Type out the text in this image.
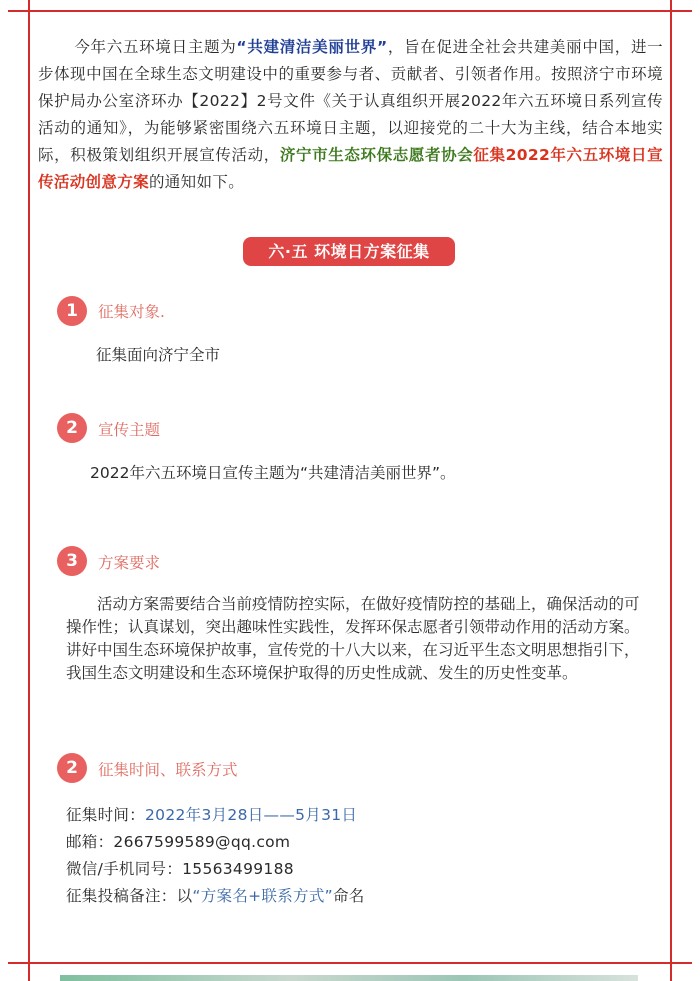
今年六五环境日主题为“共建清洁美丽世界”，旨在促进全社会共建美丽中国，进一步体现中国在全球生态文明建设中的重要参与者、贡献者、引领者作用。按照济宁市环境保护局办公室济环办【2022】2号文件《关于认真组织开展2022年六五环境日系列宣传活动的通知》，为能够紧密围绕六五环境日主题，以迎接党的二十大为主线，结合本地实际，积极策划组织开展宣传活动，济宁市生态环保志愿者协会征集2022年六五环境日宣传活动创意方案的通知如下。
六·五 环境日方案征集
1	征集对象.
征集面向济宁全市
2	宣传主题
2022年六五环境日宣传主题为“共建清洁美丽世界”。
3	方案要求
活动方案需要结合当前疫情防控实际，在做好疫情防控的基础上，确保活动的可操作性；认真谋划，突出趣味性实践性，发挥环保志愿者引领带动作用的活动方案。讲好中国生态环境保护故事，宣传党的十八大以来，在习近平生态文明思想指引下，我国生态文明建设和生态环境保护取得的历史性成就、发生的历史性变革。
2	征集时间、联系方式
征集时间：2022年3月28日——5月31日
邮箱：2667599589@qq.com
微信/手机同号：15563499188
征集投稿备注：以“方案名+联系方式”命名
